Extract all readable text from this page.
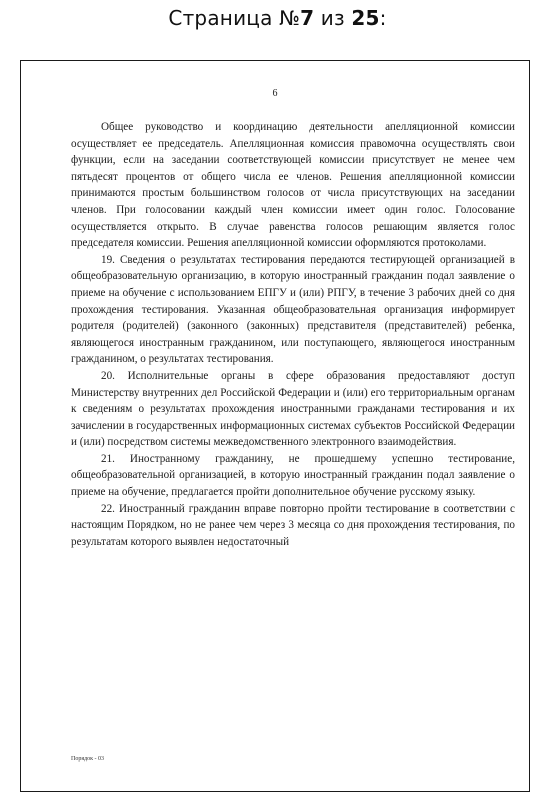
Страница №7 из 25:
6

Общее руководство и координацию деятельности апелляционной комиссии осуществляет ее председатель. Апелляционная комиссия правомочна осуществлять свои функции, если на заседании соответствующей комиссии присутствует не менее чем пятьдесят процентов от общего числа ее членов. Решения апелляционной комиссии принимаются простым большинством голосов от числа присутствующих на заседании членов. При голосовании каждый член комиссии имеет один голос. Голосование осуществляется открыто. В случае равенства голосов решающим является голос председателя комиссии. Решения апелляционной комиссии оформляются протоколами.

19. Сведения о результатах тестирования передаются тестирующей организацией в общеобразовательную организацию, в которую иностранный гражданин подал заявление о приеме на обучение с использованием ЕПГУ и (или) РПГУ, в течение 3 рабочих дней со дня прохождения тестирования. Указанная общеобразовательная организация информирует родителя (родителей) (законного (законных) представителя (представителей) ребенка, являющегося иностранным гражданином, или поступающего, являющегося иностранным гражданином, о результатах тестирования.

20. Исполнительные органы в сфере образования предоставляют доступ Министерству внутренних дел Российской Федерации и (или) его территориальным органам к сведениям о результатах прохождения иностранными гражданами тестирования и их зачислении в государственных информационных системах субъектов Российской Федерации и (или) посредством системы межведомственного электронного взаимодействия.

21. Иностранному гражданину, не прошедшему успешно тестирование, общеобразовательной организацией, в которую иностранный гражданин подал заявление о приеме на обучение, предлагается пройти дополнительное обучение русскому языку.

22. Иностранный гражданин вправе повторно пройти тестирование в соответствии с настоящим Порядком, но не ранее чем через 3 месяца со дня прохождения тестирования, по результатам которого выявлен недостаточный

Порядок - 03
